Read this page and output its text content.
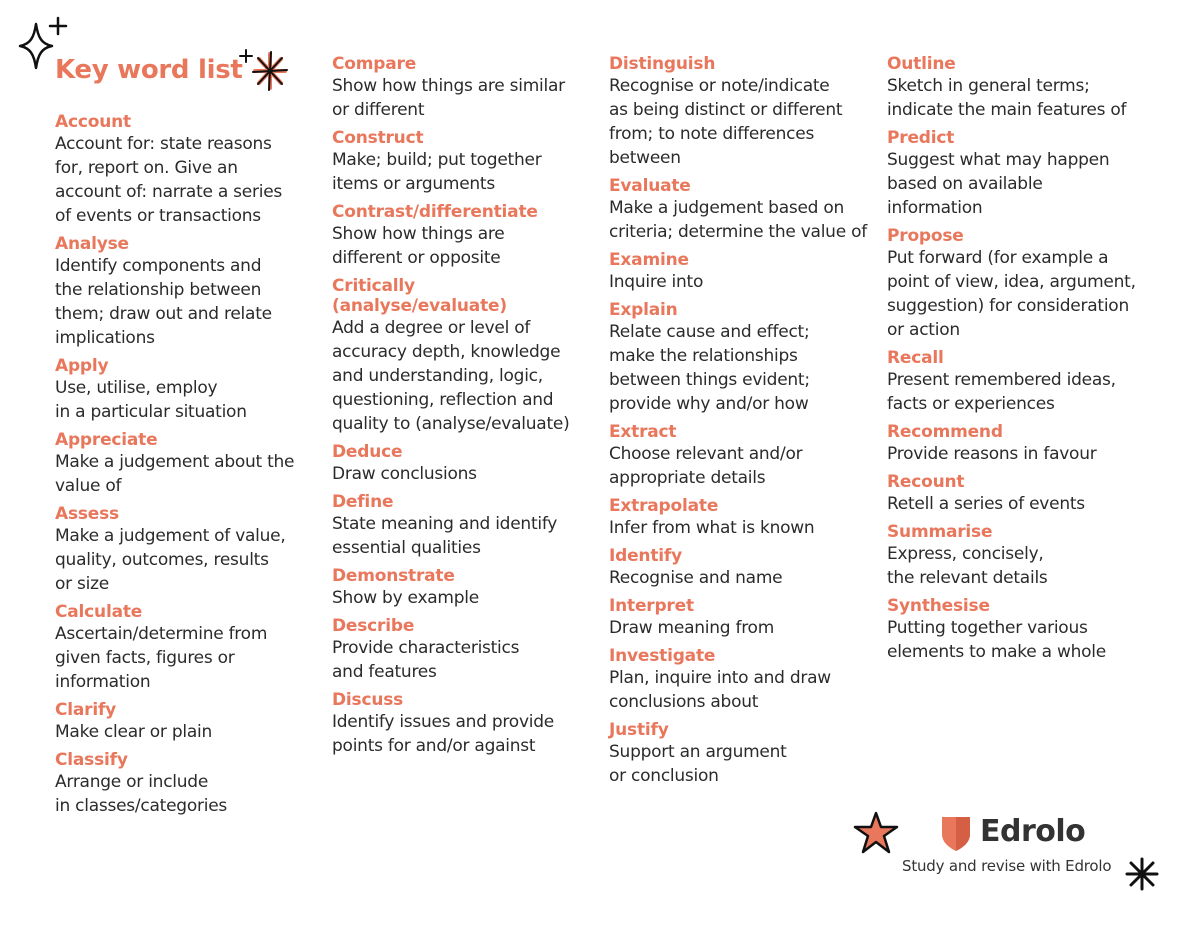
Key word list
Account
Account for: state reasons
for, report on. Give an
account of: narrate a series
of events or transactions
Analyse
Identify components and
the relationship between
them; draw out and relate
implications
Apply
Use, utilise, employ
in a particular situation
Appreciate
Make a judgement about the
value of
Assess
Make a judgement of value,
quality, outcomes, results
or size
Calculate
Ascertain/determine from
given facts, figures or
information
Clarify
Make clear or plain
Classify
Arrange or include
in classes/categories
Compare
Show how things are similar
or different
Construct
Make; build; put together
items or arguments
Contrast/differentiate
Show how things are
different or opposite
Critically (analyse/evaluate)
Add a degree or level of
accuracy depth, knowledge
and understanding, logic,
questioning, reflection and
quality to (analyse/evaluate)
Deduce
Draw conclusions
Define
State meaning and identify
essential qualities
Demonstrate
Show by example
Describe
Provide characteristics
and features
Discuss
Identify issues and provide
points for and/or against
Distinguish
Recognise or note/indicate
as being distinct or different
from; to note differences
between
Evaluate
Make a judgement based on
criteria; determine the value of
Examine
Inquire into
Explain
Relate cause and effect;
make the relationships
between things evident;
provide why and/or how
Extract
Choose relevant and/or
appropriate details
Extrapolate
Infer from what is known
Identify
Recognise and name
Interpret
Draw meaning from
Investigate
Plan, inquire into and draw
conclusions about
Justify
Support an argument
or conclusion
Outline
Sketch in general terms;
indicate the main features of
Predict
Suggest what may happen
based on available
information
Propose
Put forward (for example a
point of view, idea, argument,
suggestion) for consideration
or action
Recall
Present remembered ideas,
facts or experiences
Recommend
Provide reasons in favour
Recount
Retell a series of events
Summarise
Express, concisely,
the relevant details
Synthesise
Putting together various
elements to make a whole
Edrolo
Study and revise with Edrolo
